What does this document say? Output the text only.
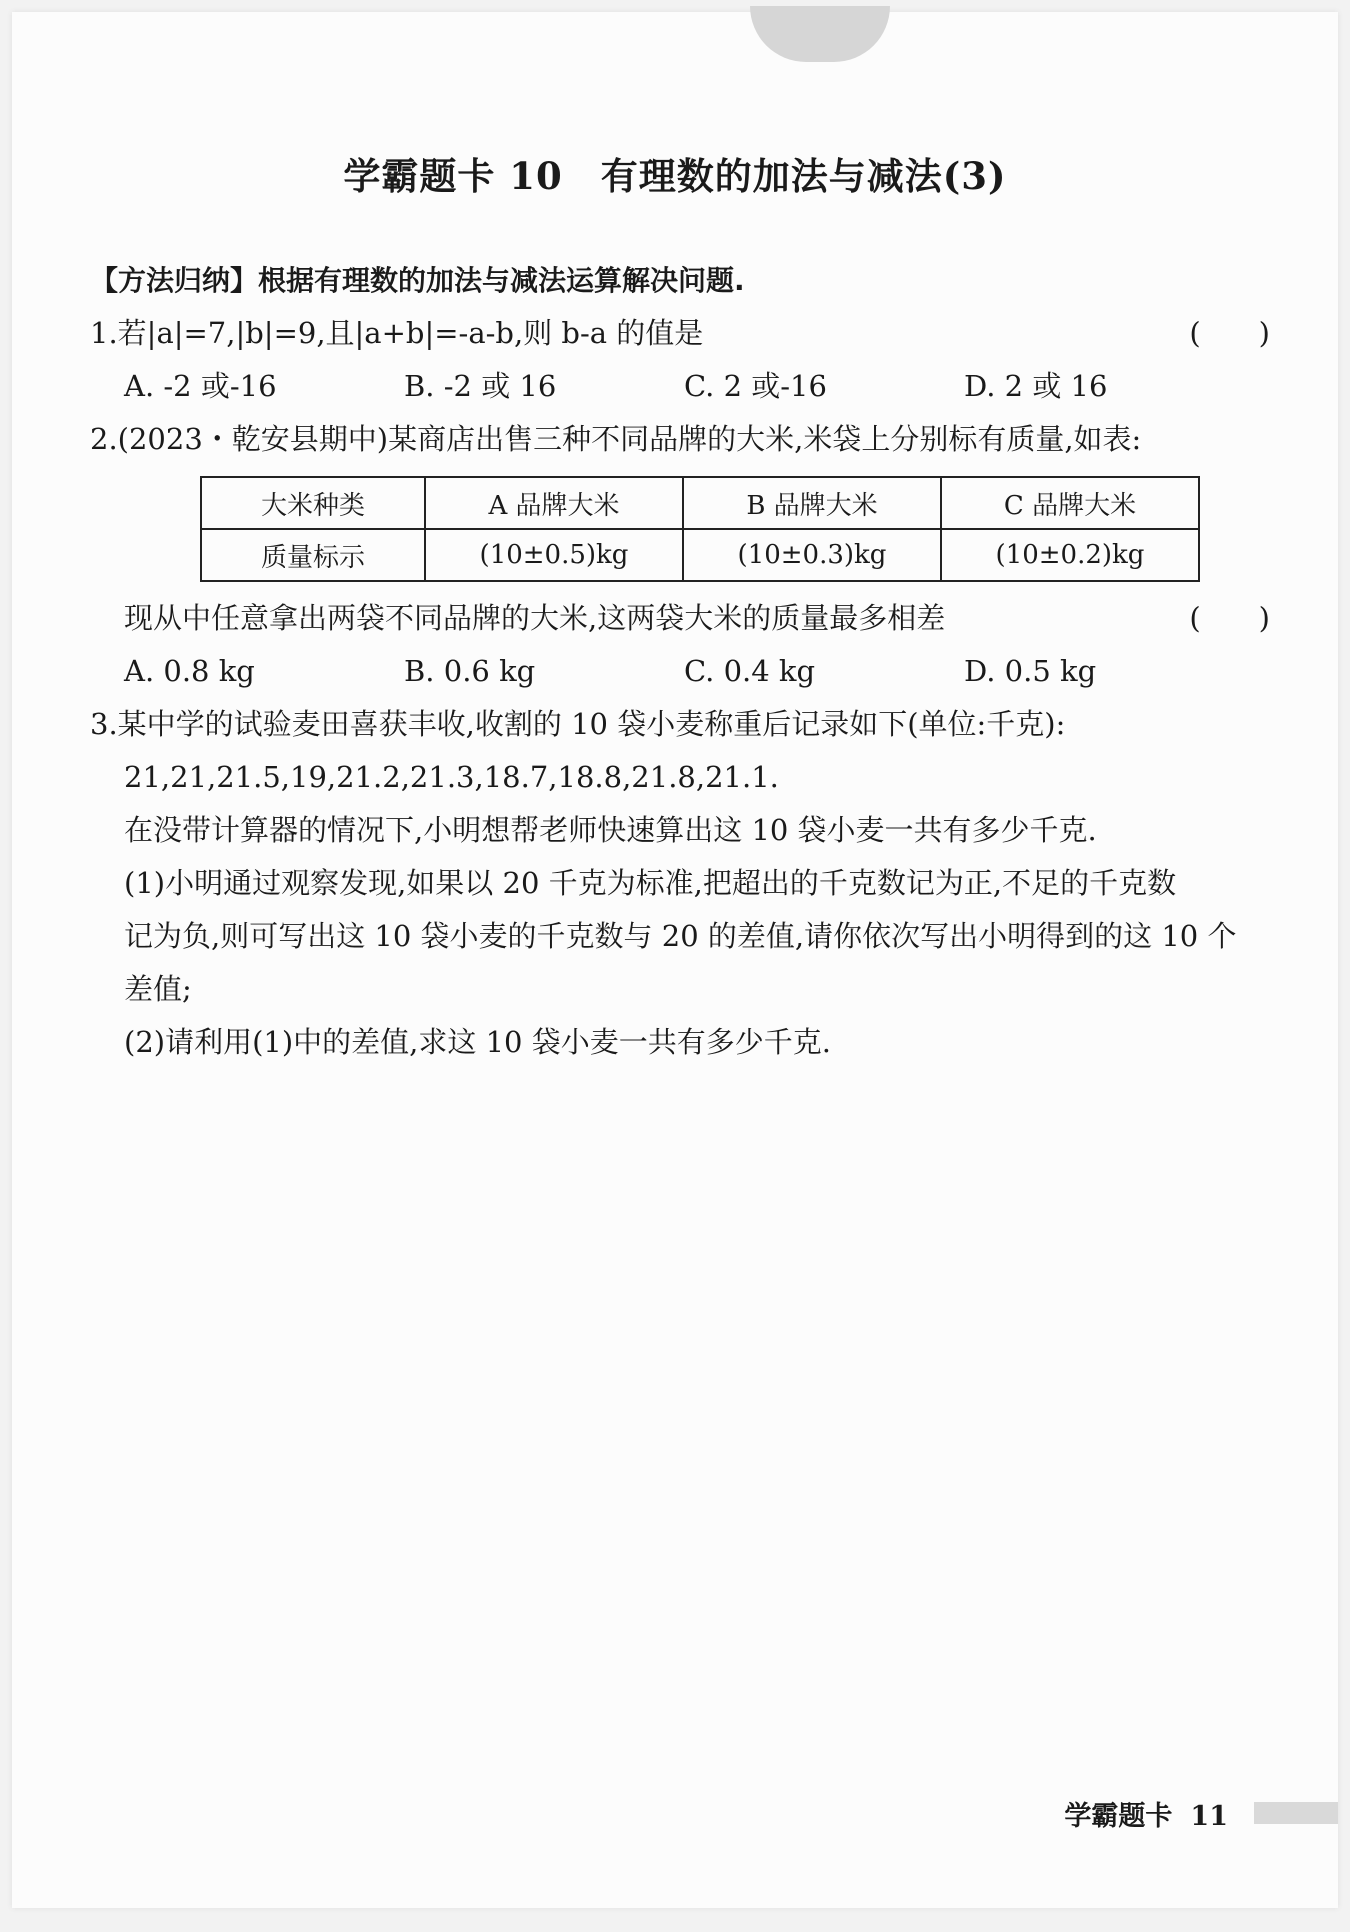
学霸题卡 10　有理数的加法与减法(3)
【方法归纳】根据有理数的加法与减法运算解决问题.
1.若|a|=7,|b|=9,且|a+b|=-a-b,则 b-a 的值是	(　　)
A. -2 或-16	B. -2 或 16	C. 2 或-16	D. 2 或 16
2.(2023・乾安县期中)某商店出售三种不同品牌的大米,米袋上分别标有质量,如表:
大米种类	A 品牌大米	B 品牌大米	C 品牌大米
质量标示	(10±0.5)kg	(10±0.3)kg	(10±0.2)kg
现从中任意拿出两袋不同品牌的大米,这两袋大米的质量最多相差	(　　)
A. 0.8 kg	B. 0.6 kg	C. 0.4 kg	D. 0.5 kg
3.某中学的试验麦田喜获丰收,收割的 10 袋小麦称重后记录如下(单位:千克):
21,21,21.5,19,21.2,21.3,18.7,18.8,21.8,21.1.
在没带计算器的情况下,小明想帮老师快速算出这 10 袋小麦一共有多少千克.
(1)小明通过观察发现,如果以 20 千克为标准,把超出的千克数记为正,不足的千克数
记为负,则可写出这 10 袋小麦的千克数与 20 的差值,请你依次写出小明得到的这 10 个
差值;
(2)请利用(1)中的差值,求这 10 袋小麦一共有多少千克.
学霸题卡 11
